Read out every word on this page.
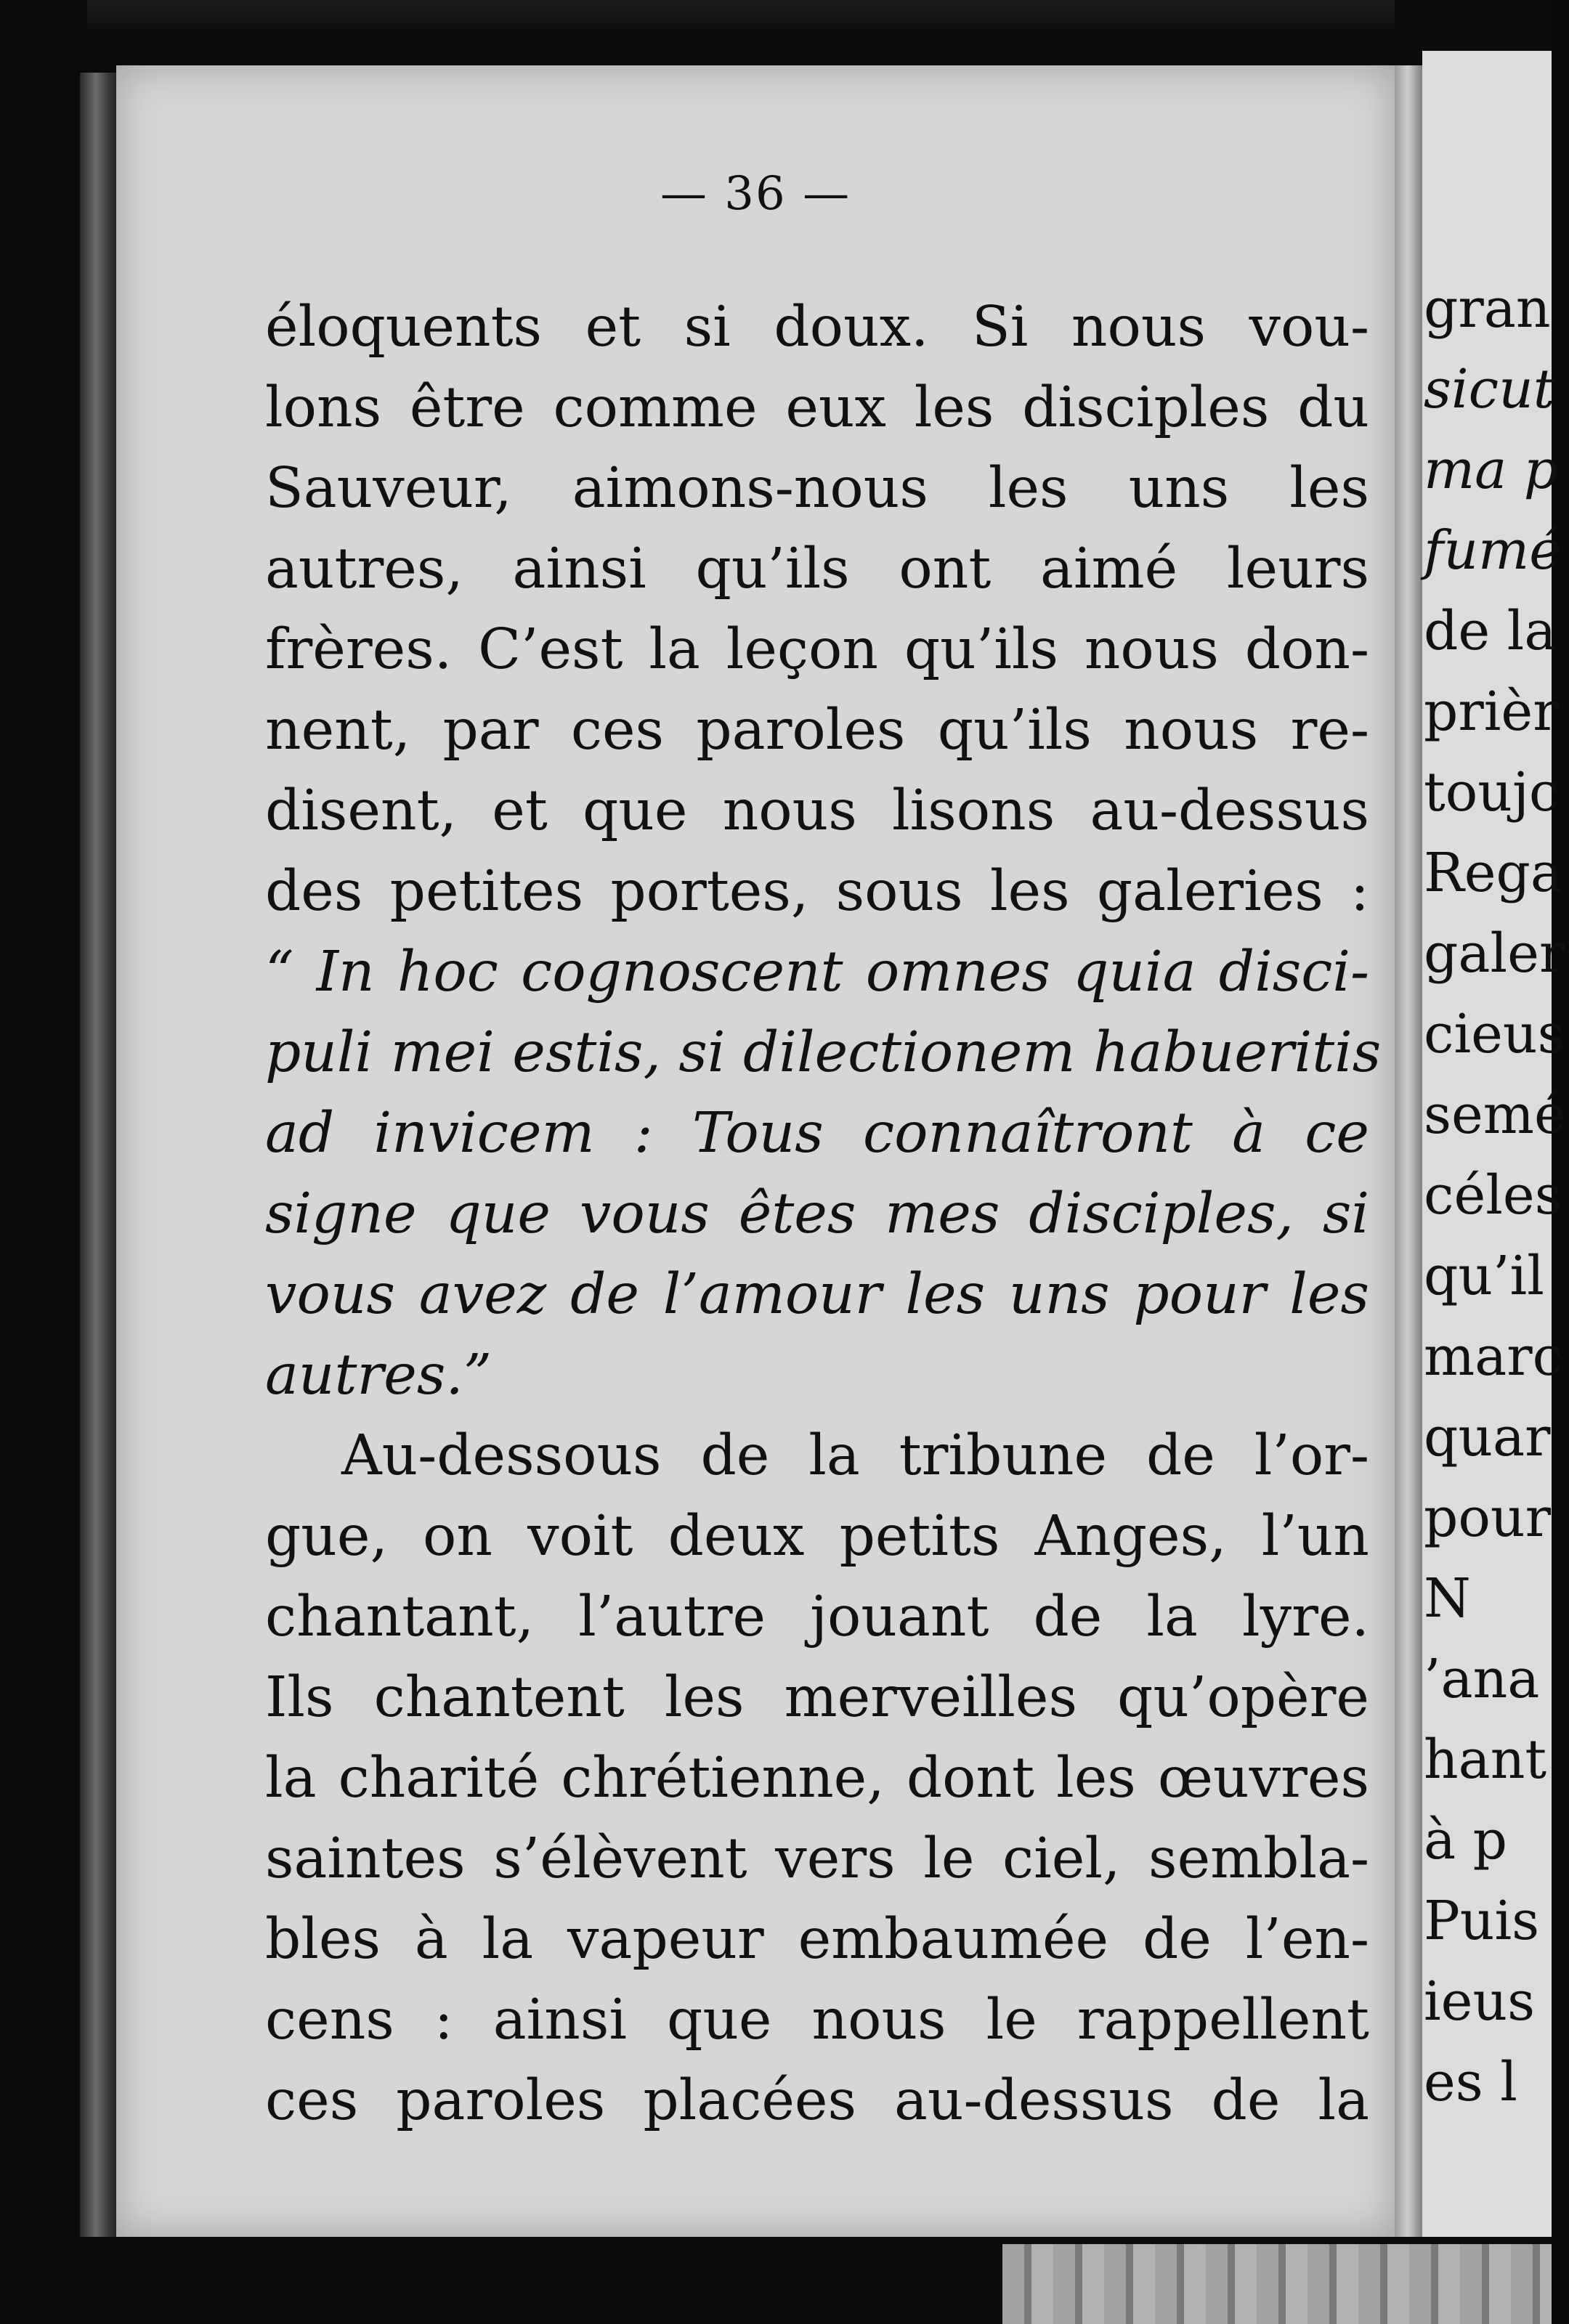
— 36 —
éloquents et si doux. Si nous vou-
lons être comme eux les disciples du
Sauveur, aimons-nous les uns les
autres, ainsi qu’ils ont aimé leurs
frères. C’est la leçon qu’ils nous don-
nent, par ces paroles qu’ils nous re-
disent, et que nous lisons au-dessus
des petites portes, sous les galeries :
“ In hoc cognoscent omnes quia disci-
puli mei estis, si dilectionem habueritis
ad invicem : Tous connaîtront à ce
signe que vous êtes mes disciples, si
vous avez de l’amour les uns pour les
autres.”
Au-dessous de la tribune de l’or-
gue, on voit deux petits Anges, l’un
chantant, l’autre jouant de la lyre.
Ils chantent les merveilles qu’opère
la charité chrétienne, dont les œuvres
saintes s’élèvent vers le ciel, sembla-
bles à la vapeur embaumée de l’en-
cens : ainsi que nous le rappellent
ces paroles placées au-dessus de la
gran
sicut
ma p
fumé
de la
prièr
toujc
Rega
galer
cieus
semé
céles
qu’il
marc
quar
pour
N
’ana
hant
à p
Puis
ieus
es l
